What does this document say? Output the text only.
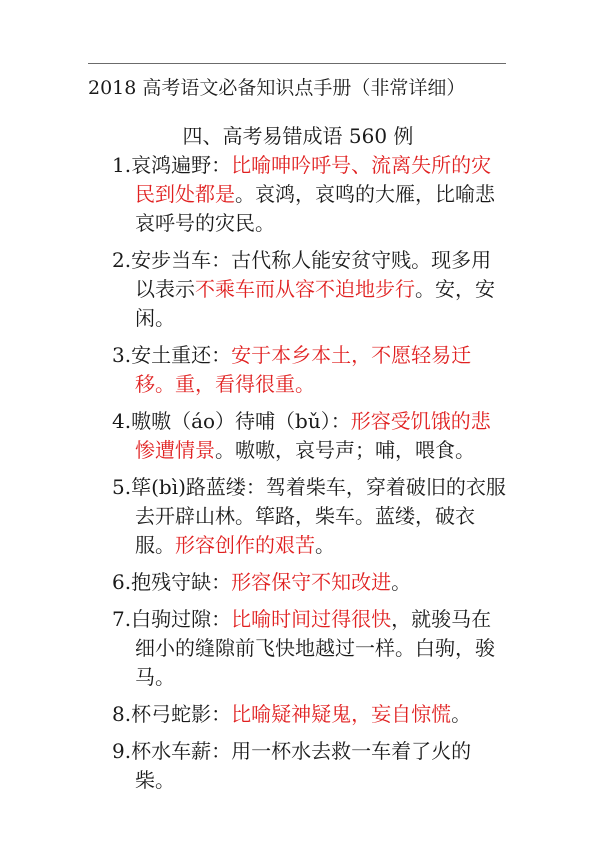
2018 高考语文必备知识点手册（非常详细）
四、高考易错成语 560 例
1.哀鸿遍野：比喻呻吟呼号、流离失所的灾民到处都是。哀鸿，哀鸣的大雁，比喻悲哀呼号的灾民。
2.安步当车：古代称人能安贫守贱。现多用以表示不乘车而从容不迫地步行。安，安闲。
3.安土重还：安于本乡本土，不愿轻易迁移。重，看得很重。
4.嗷嗷（áo）待哺（bǔ）：形容受饥饿的悲惨遭情景。嗷嗷，哀号声；哺，喂食。
5.筚(bì)路蓝缕：驾着柴车，穿着破旧的衣服去开辟山林。筚路，柴车。蓝缕，破衣服。形容创作的艰苦。
6.抱残守缺：形容保守不知改进。
7.白驹过隙：比喻时间过得很快，就骏马在细小的缝隙前飞快地越过一样。白驹，骏马。
8.杯弓蛇影：比喻疑神疑鬼，妄自惊慌。
9.杯水车薪：用一杯水去救一车着了火的柴。
